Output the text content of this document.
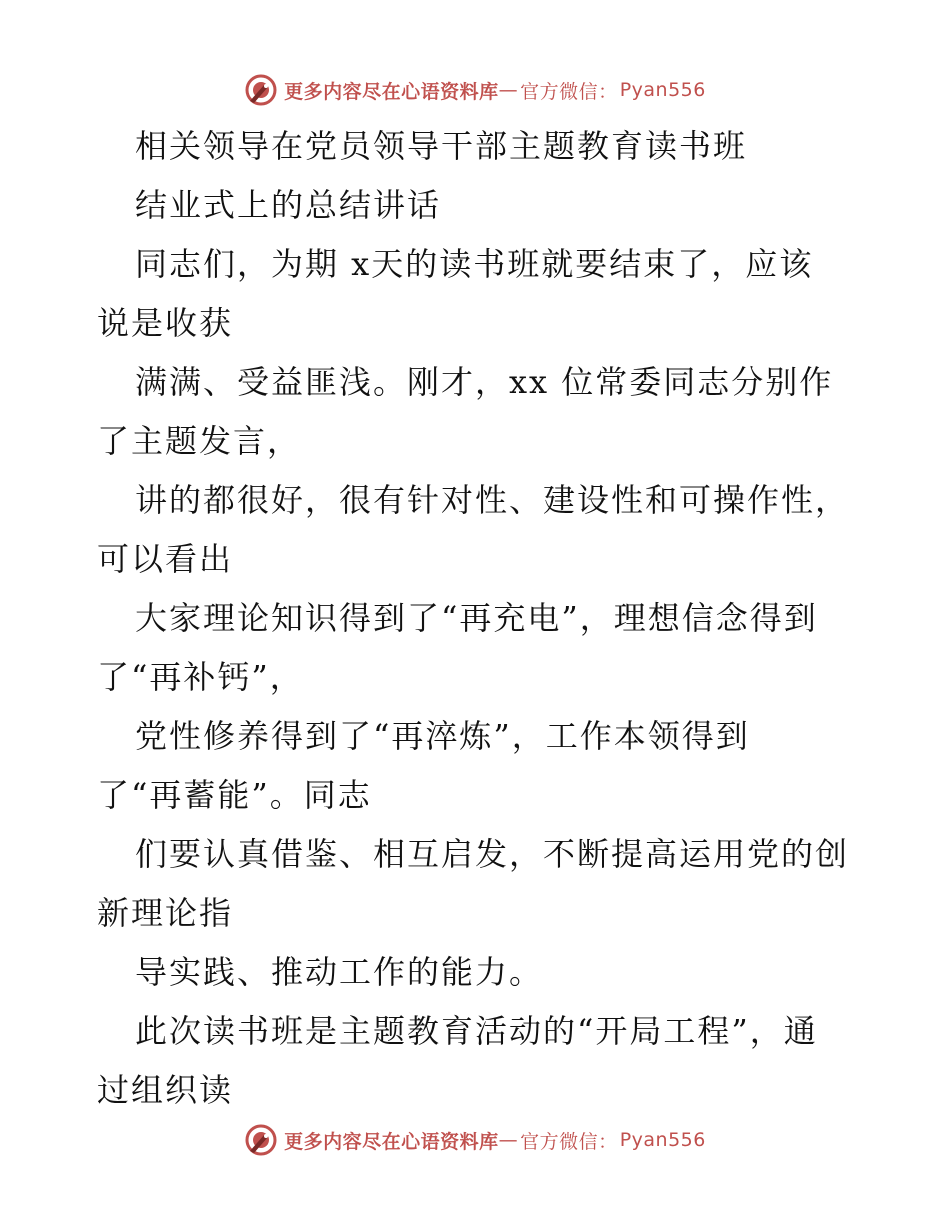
更多内容尽在心语资料库 — 官方微信： Pyan556
相关领导在党员领导干部主题教育读书班
结业式上的总结讲话
同志们，为期 x天的读书班就要结束了，应该
说是收获
满满、受益匪浅。刚才，xx 位常委同志分别作
了主题发言，
讲的都很好，很有针对性、建设性和可操作性，
可以看出
大家理论知识得到了“再充电”，理想信念得到
了“再补钙”，
党性修养得到了“再淬炼”，工作本领得到
了“再蓄能”。同志
们要认真借鉴、相互启发，不断提高运用党的创
新理论指
导实践、推动工作的能力。
此次读书班是主题教育活动的“开局工程”，通
过组织读
更多内容尽在心语资料库 — 官方微信： Pyan556
